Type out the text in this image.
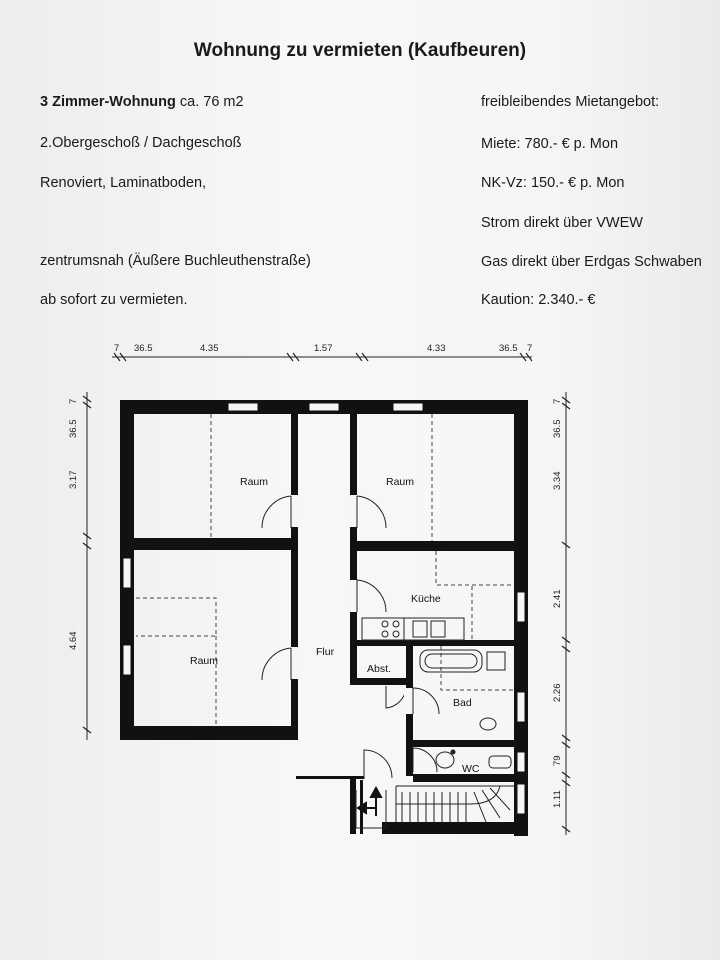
Wohnung zu vermieten (Kaufbeuren)
3 Zimmer-Wohnung ca. 76 m2
2.Obergeschoß / Dachgeschoß
Renoviert, Laminatboden,
zentrumsnah (Äußere Buchleuthenstraße)
ab sofort zu vermieten.
freibleibendes Mietangebot:
Miete: 780.- € p. Mon
NK-Vz: 150.- € p. Mon
Strom direkt über VWEW
Gas direkt über Erdgas Schwaben
Kaution: 2.340.- €
7 36.5	4.35	1.57	4.33	36.5 7
36.5
7
3.17
4.64
36.5
7
3.34
2.41
2.26
79
1.11
Raum	Raum
Raum
Küche
Flur
Abst.
Bad
WC
